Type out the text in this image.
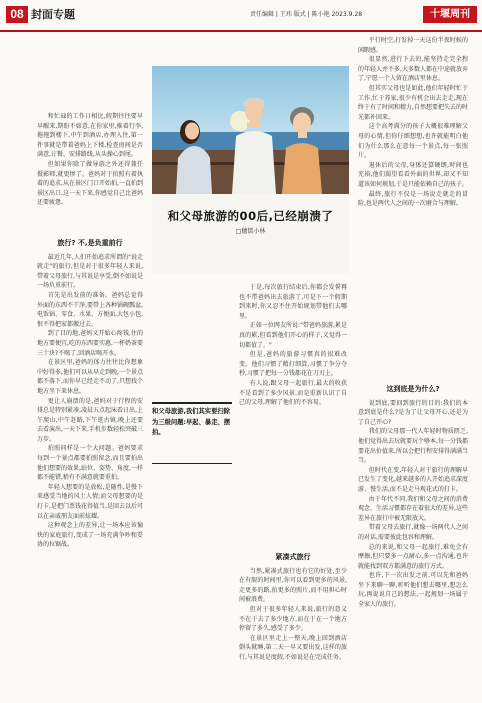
08 封面专题	责任编辑 | 王玮 版式 | 陈小艳 2023.9.28	十堰周刊

和忙碌的工作日相比,假期往往要早早醒来,期盼不如意,在你家里,推着行李,拖拖到楼下,中午到酒店,办理入住,第一件事就是带着爸妈上下楼,检查房间是否满意,订餐、安排路线,从头操心到尾。

但如果你除了做导游之外还得兼任摄影师,就更惨了。爸妈对于拍照有着执着的追求,从在景区门口开始拍,一直拍到景区出口,这一天下来,你感觉自己比爸妈还要疲惫。

旅行? 不,是负重前行

最近几年,人们开始追求所谓的"说走就走"的旅行,但是对于很多年轻人来说,带着父母旅行,与其说是享受,倒不如说是一场负重前行。

首先是出发前的准备。爸妈总觉得外面的东西不干净,要带上各种锅碗瓢盆,电饭锅、零食、水果、方便面,大包小包,恨不得把家都搬过去。

到了目的地,爸妈又开始心疼钱,住的地方要便宜,吃的东西要实惠,一杯奶茶要三十块?不喝了,回酒店喝开水。

在景区里,爸妈的体力往往比你想象中好得多,他们可以从早走到晚,一个景点都不落下,而你早已经走不动了,只想找个地方坐下来休息。

更让人崩溃的是,爸妈对于行程的安排总是特别紧凑,凌晨五点起床看日出,上午爬山,中午赶路,下午逛古镇,晚上还要去看演出,一天下来,手机步数轻松突破三万步。

拍照同样是一个大问题。爸妈要求每到一个景点都要拍照留念,而且要拍出他们想要的效果,站位、姿势、角度,一样都不能错,稍有不满意就要重拍。

年轻人想要的是放松,是随性,是慢下来感受当地的风土人情;而父母想要的是打卡,是把门票钱花得值当,是回去以后可以在亲戚朋友面前炫耀。

这种观念上的差异,让一场本应该愉快的家庭旅行,变成了一场充满争吵和妥协的拉锯战。

和父母旅游的00后,已经崩溃了
□穗儒小林

于是,每次旅行结束后,你都会发誓再也不带爸妈出去旅游了,可是下一个假期到来时,你又忍不住开始规划带他们去哪里。

正如一位网友所说:"带爸妈旅游,累是真的累,但看到他们开心的样子,又觉得一切都值了。"

但是,爸妈的旅游习惯真的很难改变。他们习惯了精打细算,习惯了争分夺秒,习惯了把每一分钱都花在刀刃上。

有人说,跟父母一起旅行,最大的收获不是看到了多少风景,而是重新认识了自己的父母,理解了他们的不容易。

和父母旅游,我们其实要扫除为三级问题:早起、暴走、摆拍。
紧凑式旅行

当然,紧凑式旅行也有它的好处,至少在有限的时间里,你可以看到更多的风景,走更多的路,拍更多的照片,而不用担心时间被浪费。

但对于很多年轻人来说,旅行的意义不在于去了多少地方,而在于在一个地方停留了多久,感受了多少。

在景区里走上一整天,晚上回到酒店倒头就睡,第二天一早又要出发,这样的旅行,与其说是度假,不如说是在完成任务。

平行时空,打发掉一天这份半夜时候的闲暇感。

很显然,进行下去的,能坚持走完全程的年轻人并不多,大多数人都在中途就放弃了,宁愿一个人留在酒店里休息。

但其实父母也是如此,他们年轻时忙于工作,忙于养家,很少有机会出去走走,现在终于有了时间和精力,自然想要把失去的时光都补回来。

这个高考满分的孩子大概很难理解父母的心情,但你仔细想想,也许就能明白他们为什么那么在意每一个景点,每一张照片。

退休后的父母,身体还算硬朗,时间也充裕,他们渴望看看外面的世界,却又不知道该如何规划,于是只能依赖自己的孩子。

最终,旅行不仅是一场说走就走的冒险,也是两代人之间的一次磨合与理解。

这到底是为什么?

说到底,要回到旅行的目的:我们的本意到底是什么?是为了让父母开心,还是为了自己开心?

我们的父母那一代人年轻时物质匮乏,他们觉得出去玩就要玩个够本,每一分钱都要花出价值来,所以会把行程安排得满满当当。

但时代在变,年轻人对于旅行的理解早已发生了变化,越来越多的人开始追求深度游、慢生活,而不是走马观花式的打卡。

由于年代不同,我们和父母之间的消费观念、生活习惯都存在着很大的差异,这些差异在旅行中被无限放大。

带着父母去旅行,就像一场两代人之间的对话,需要彼此包容和理解。

总的来说,和父母一起旅行,难免会有摩擦,但只要多一点耐心,多一点沟通,也许就能找到双方都满意的旅行方式。

也许,下一次出发之前,可以先和爸妈坐下来聊一聊,听听他们想去哪里,想怎么玩,再说说自己的想法,一起规划一场属于全家人的旅行。
